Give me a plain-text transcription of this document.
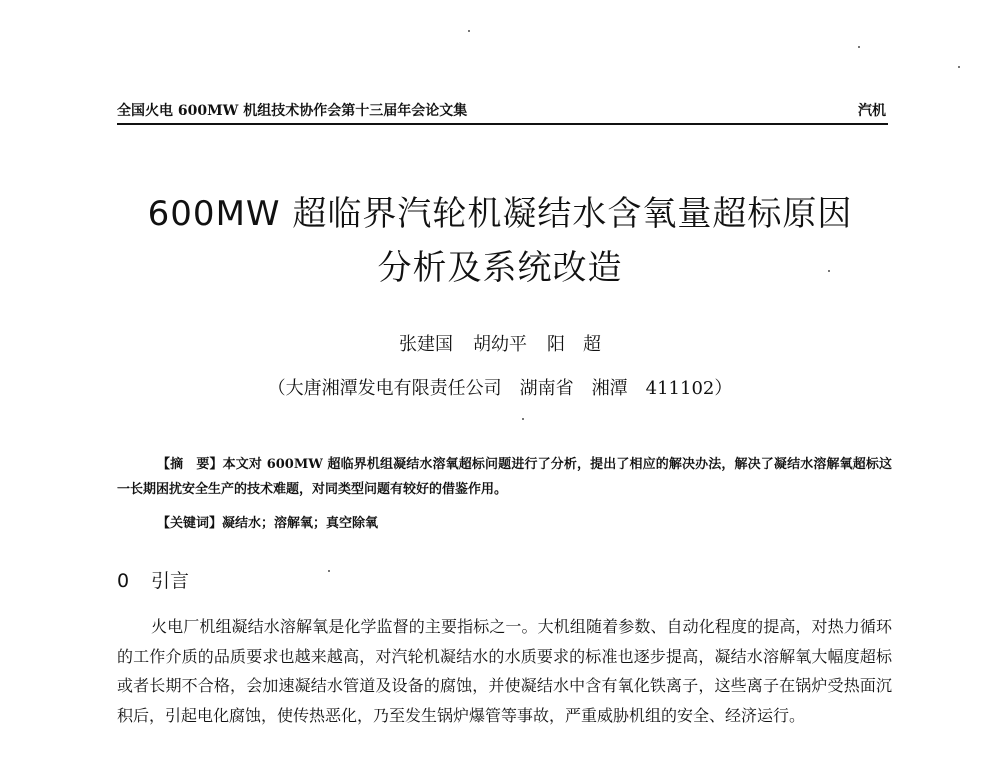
全国火电 600MW 机组技术协作会第十三届年会论文集	汽机
600MW 超临界汽轮机凝结水含氧量超标原因
分析及系统改造
张建国 胡幼平 阳　超
（大唐湘潭发电有限责任公司　湖南省　湘潭　411102）
【摘　要】本文对 600MW 超临界机组凝结水溶氧超标问题进行了分析，提出了相应的解决办法，解决了凝结水溶解氧超标这一长期困扰安全生产的技术难题，对同类型问题有较好的借鉴作用。
【关键词】凝结水；溶解氧；真空除氧
0 引言
火电厂机组凝结水溶解氧是化学监督的主要指标之一。大机组随着参数、自动化程度的提高，对热力循环的工作介质的品质要求也越来越高，对汽轮机凝结水的水质要求的标准也逐步提高，凝结水溶解氧大幅度超标或者长期不合格，会加速凝结水管道及设备的腐蚀，并使凝结水中含有氧化铁离子，这些离子在锅炉受热面沉积后，引起电化腐蚀，使传热恶化，乃至发生锅炉爆管等事故，严重威胁机组的安全、经济运行。
